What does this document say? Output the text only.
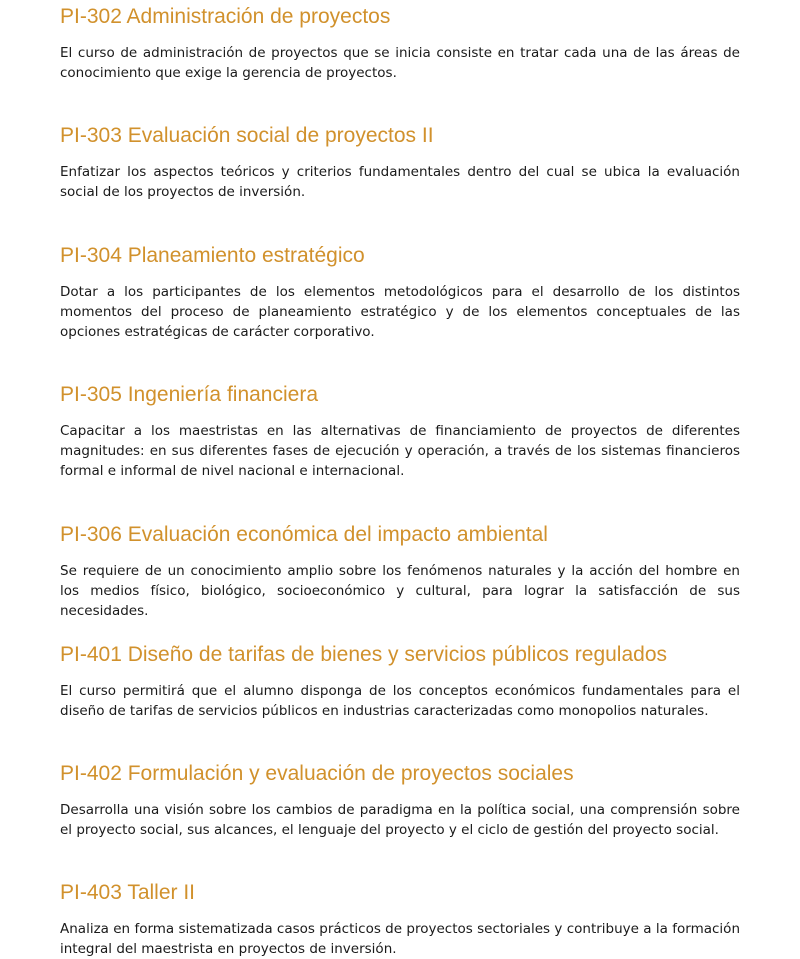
PI-302 Administración de proyectos

El curso de administración de proyectos que se inicia consiste en tratar cada una de las áreas de conocimiento que exige la gerencia de proyectos.

PI-303 Evaluación social de proyectos II

Enfatizar los aspectos teóricos y criterios fundamentales dentro del cual se ubica la evaluación social de los proyectos de inversión.

PI-304 Planeamiento estratégico

Dotar a los participantes de los elementos metodológicos para el desarrollo de los distintos momentos del proceso de planeamiento estratégico y de los elementos conceptuales de las opciones estratégicas de carácter corporativo.

PI-305 Ingeniería financiera

Capacitar a los maestristas en las alternativas de financiamiento de proyectos de diferentes magnitudes: en sus diferentes fases de ejecución y operación, a través de los sistemas financieros formal e informal de nivel nacional e internacional.

PI-306 Evaluación económica del impacto ambiental

Se requiere de un conocimiento amplio sobre los fenómenos naturales y la acción del hombre en los medios físico, biológico, socioeconómico y cultural, para lograr la satisfacción de sus necesidades.

PI-401 Diseño de tarifas de bienes y servicios públicos regulados

El curso permitirá que el alumno disponga de los conceptos económicos fundamentales para el diseño de tarifas de servicios públicos en industrias caracterizadas como monopolios naturales.

PI-402 Formulación y evaluación de proyectos sociales

Desarrolla una visión sobre los cambios de paradigma en la política social, una comprensión sobre el proyecto social, sus alcances, el lenguaje del proyecto y el ciclo de gestión del proyecto social.

PI-403 Taller II

Analiza en forma sistematizada casos prácticos de proyectos sectoriales y contribuye a la formación integral del maestrista en proyectos de inversión.
